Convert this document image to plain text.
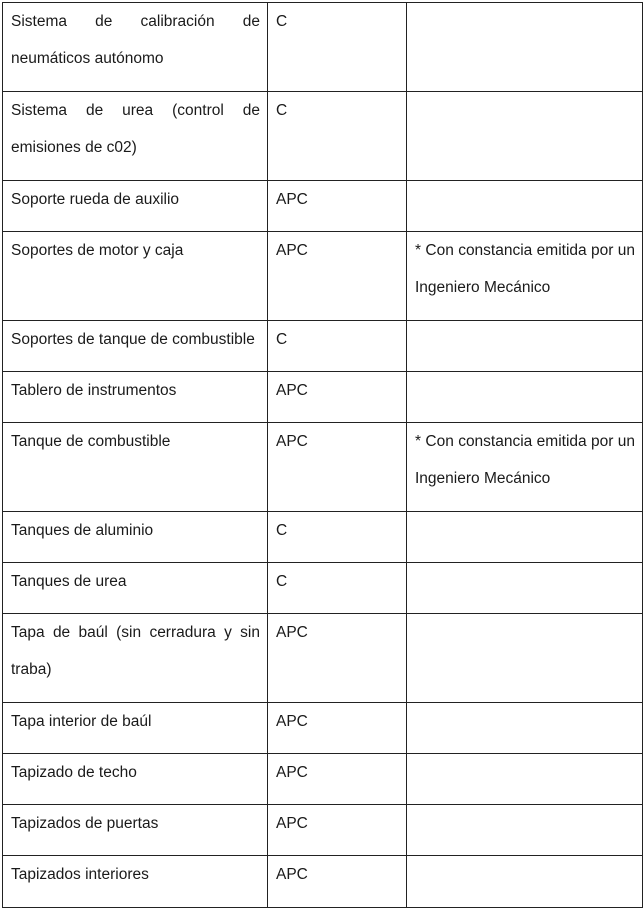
Sistema de calibración de neumáticos autónomo	C	
Sistema de urea (control de emisiones de c02)	C	
Soporte rueda de auxilio	APC	
Soportes de motor y caja	APC	* Con constancia emitida por un Ingeniero Mecánico

Soportes de tanque de combustible	C	
Tablero de instrumentos	APC	
Tanque de combustible	APC	* Con constancia emitida por un Ingeniero Mecánico

Tanques de aluminio	C	
Tanques de urea	C	
Tapa de baúl (sin cerradura y sin traba)	APC	
Tapa interior de baúl	APC	
Tapizado de techo	APC	
Tapizados de puertas	APC	
Tapizados interiores	APC	
